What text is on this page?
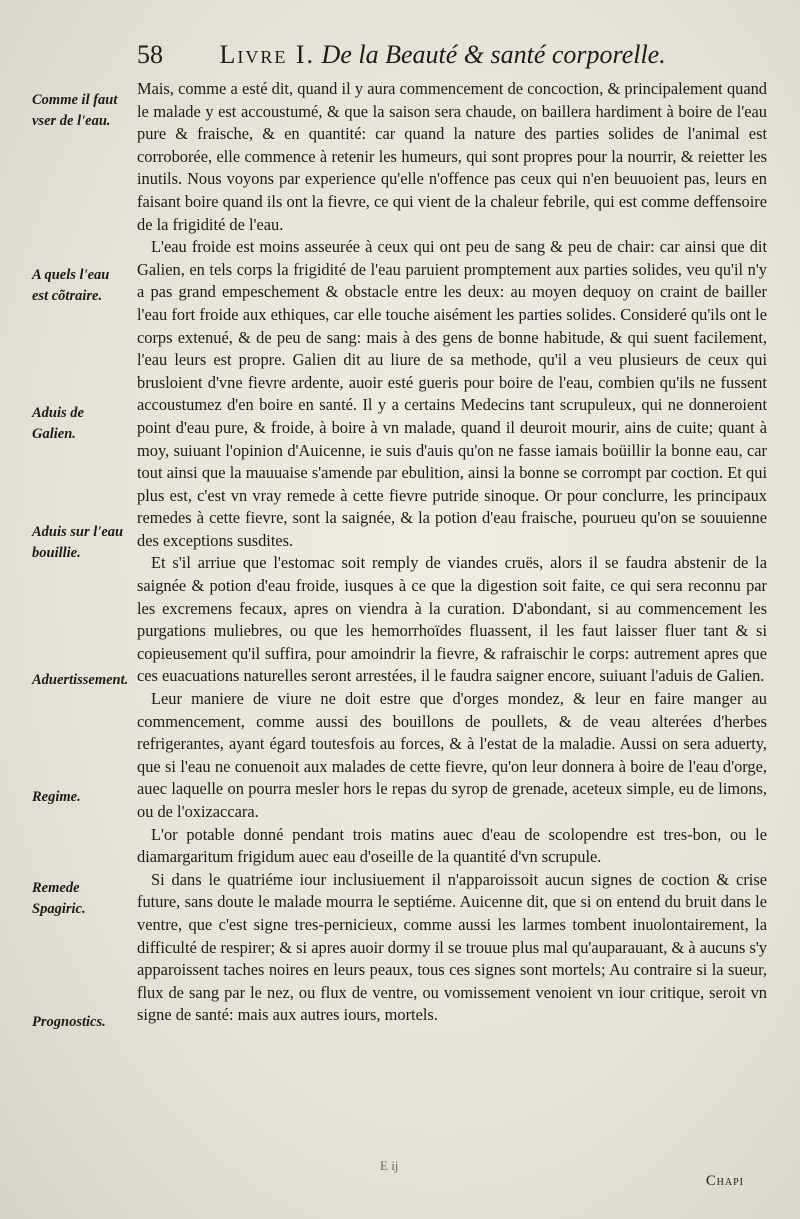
58 Livre I. De la Beauté & santé corporelle.
Comme il faut vser de l'eau.
A quels l'eau est cõtraire.
Aduis de Galien.
Aduis sur l'eau bouillie.
Aduertissement.
Regime.
Remede Spagiric.
Prognostics.

Mais, comme a esté dit, quand il y aura commencement de concoction, & principalement quand le malade y est accoustumé, & que la saison sera chaude, on baillera hardiment à boire de l'eau pure & fraische, & en quantité: car quand la nature des parties solides de l'animal est corroborée, elle commence à retenir les humeurs, qui sont propres pour la nourrir, & reietter les inutils. Nous voyons par experience qu'elle n'offence pas ceux qui n'en beuuoient pas, leurs en faisant boire quand ils ont la fievre, ce qui vient de la chaleur febrile, qui est comme deffensoire de la frigidité de l'eau.

L'eau froide est moins asseurée à ceux qui ont peu de sang & peu de chair: car ainsi que dit Galien, en tels corps la frigidité de l'eau paruient promptement aux parties solides, veu qu'il n'y a pas grand empeschement & obstacle entre les deux: au moyen dequoy on craint de bailler l'eau fort froide aux ethiques, car elle touche aisément les parties solides. Consideré qu'ils ont le corps extenué, & de peu de sang: mais à des gens de bonne habitude, & qui suent facilement, l'eau leurs est propre. Galien dit au liure de sa methode, qu'il a veu plusieurs de ceux qui brusloient d'vne fievre ardente, auoir esté gueris pour boire de l'eau, combien qu'ils ne fussent accoustumez d'en boire en santé. Il y a certains Medecins tant scrupuleux, qui ne donneroient point d'eau pure, & froide, à boire à vn malade, quand il deuroit mourir, ains de cuite; quant à moy, suiuant l'opinion d'Auicenne, ie suis d'auis qu'on ne fasse iamais boüillir la bonne eau, car tout ainsi que la mauuaise s'amende par ebulition, ainsi la bonne se corrompt par coction. Et qui plus est, c'est vn vray remede à cette fievre putride sinoque. Or pour conclurre, les principaux remedes à cette fievre, sont la saignée, & la potion d'eau fraische, pourueu qu'on se souuienne des exceptions susdites.

Et s'il arriue que l'estomac soit remply de viandes cruës, alors il se faudra abstenir de la saignée & potion d'eau froide, iusques à ce que la digestion soit faite, ce qui sera reconnu par les excremens fecaux, apres on viendra à la curation. D'abondant, si au commencement les purgations muliebres, ou que les hemorrhoïdes fluassent, il les faut laisser fluer tant & si copieusement qu'il suffira, pour amoindrir la fievre, & rafraischir le corps: autrement apres que ces euacuations naturelles seront arrestées, il le faudra saigner encore, suiuant l'aduis de Galien.

Leur maniere de viure ne doit estre que d'orges mondez, & leur en faire manger au commencement, comme aussi des bouillons de poullets, & de veau alterées d'herbes refrigerantes, ayant égard toutesfois au forces, & à l'estat de la maladie. Aussi on sera aduerty, que si l'eau ne conuenoit aux malades de cette fievre, qu'on leur donnera à boire de l'eau d'orge, auec laquelle on pourra mesler hors le repas du syrop de grenade, aceteux simple, eu de limons, ou de l'oxizaccara.

L'or potable donné pendant trois matins auec d'eau de scolopendre est tres-bon, ou le diamargaritum frigidum auec eau d'oseille de la quantité d'vn scrupule.

Si dans le quatriéme iour inclusiuement il n'apparoissoit aucun signes de coction & crise future, sans doute le malade mourra le septiéme. Auicenne dit, que si on entend du bruit dans le ventre, que c'est signe tres-pernicieux, comme aussi les larmes tombent inuolontairement, la difficulté de respirer; & si apres auoir dormy il se trouue plus mal qu'auparauant, & à aucuns s'y apparoissent taches noires en leurs peaux, tous ces signes sont mortels; Au contraire si la sueur, flux de sang par le nez, ou flux de ventre, ou vomissement venoient vn iour critique, seroit vn signe de santé: mais aux autres iours, mortels.

E ij
Chapi
